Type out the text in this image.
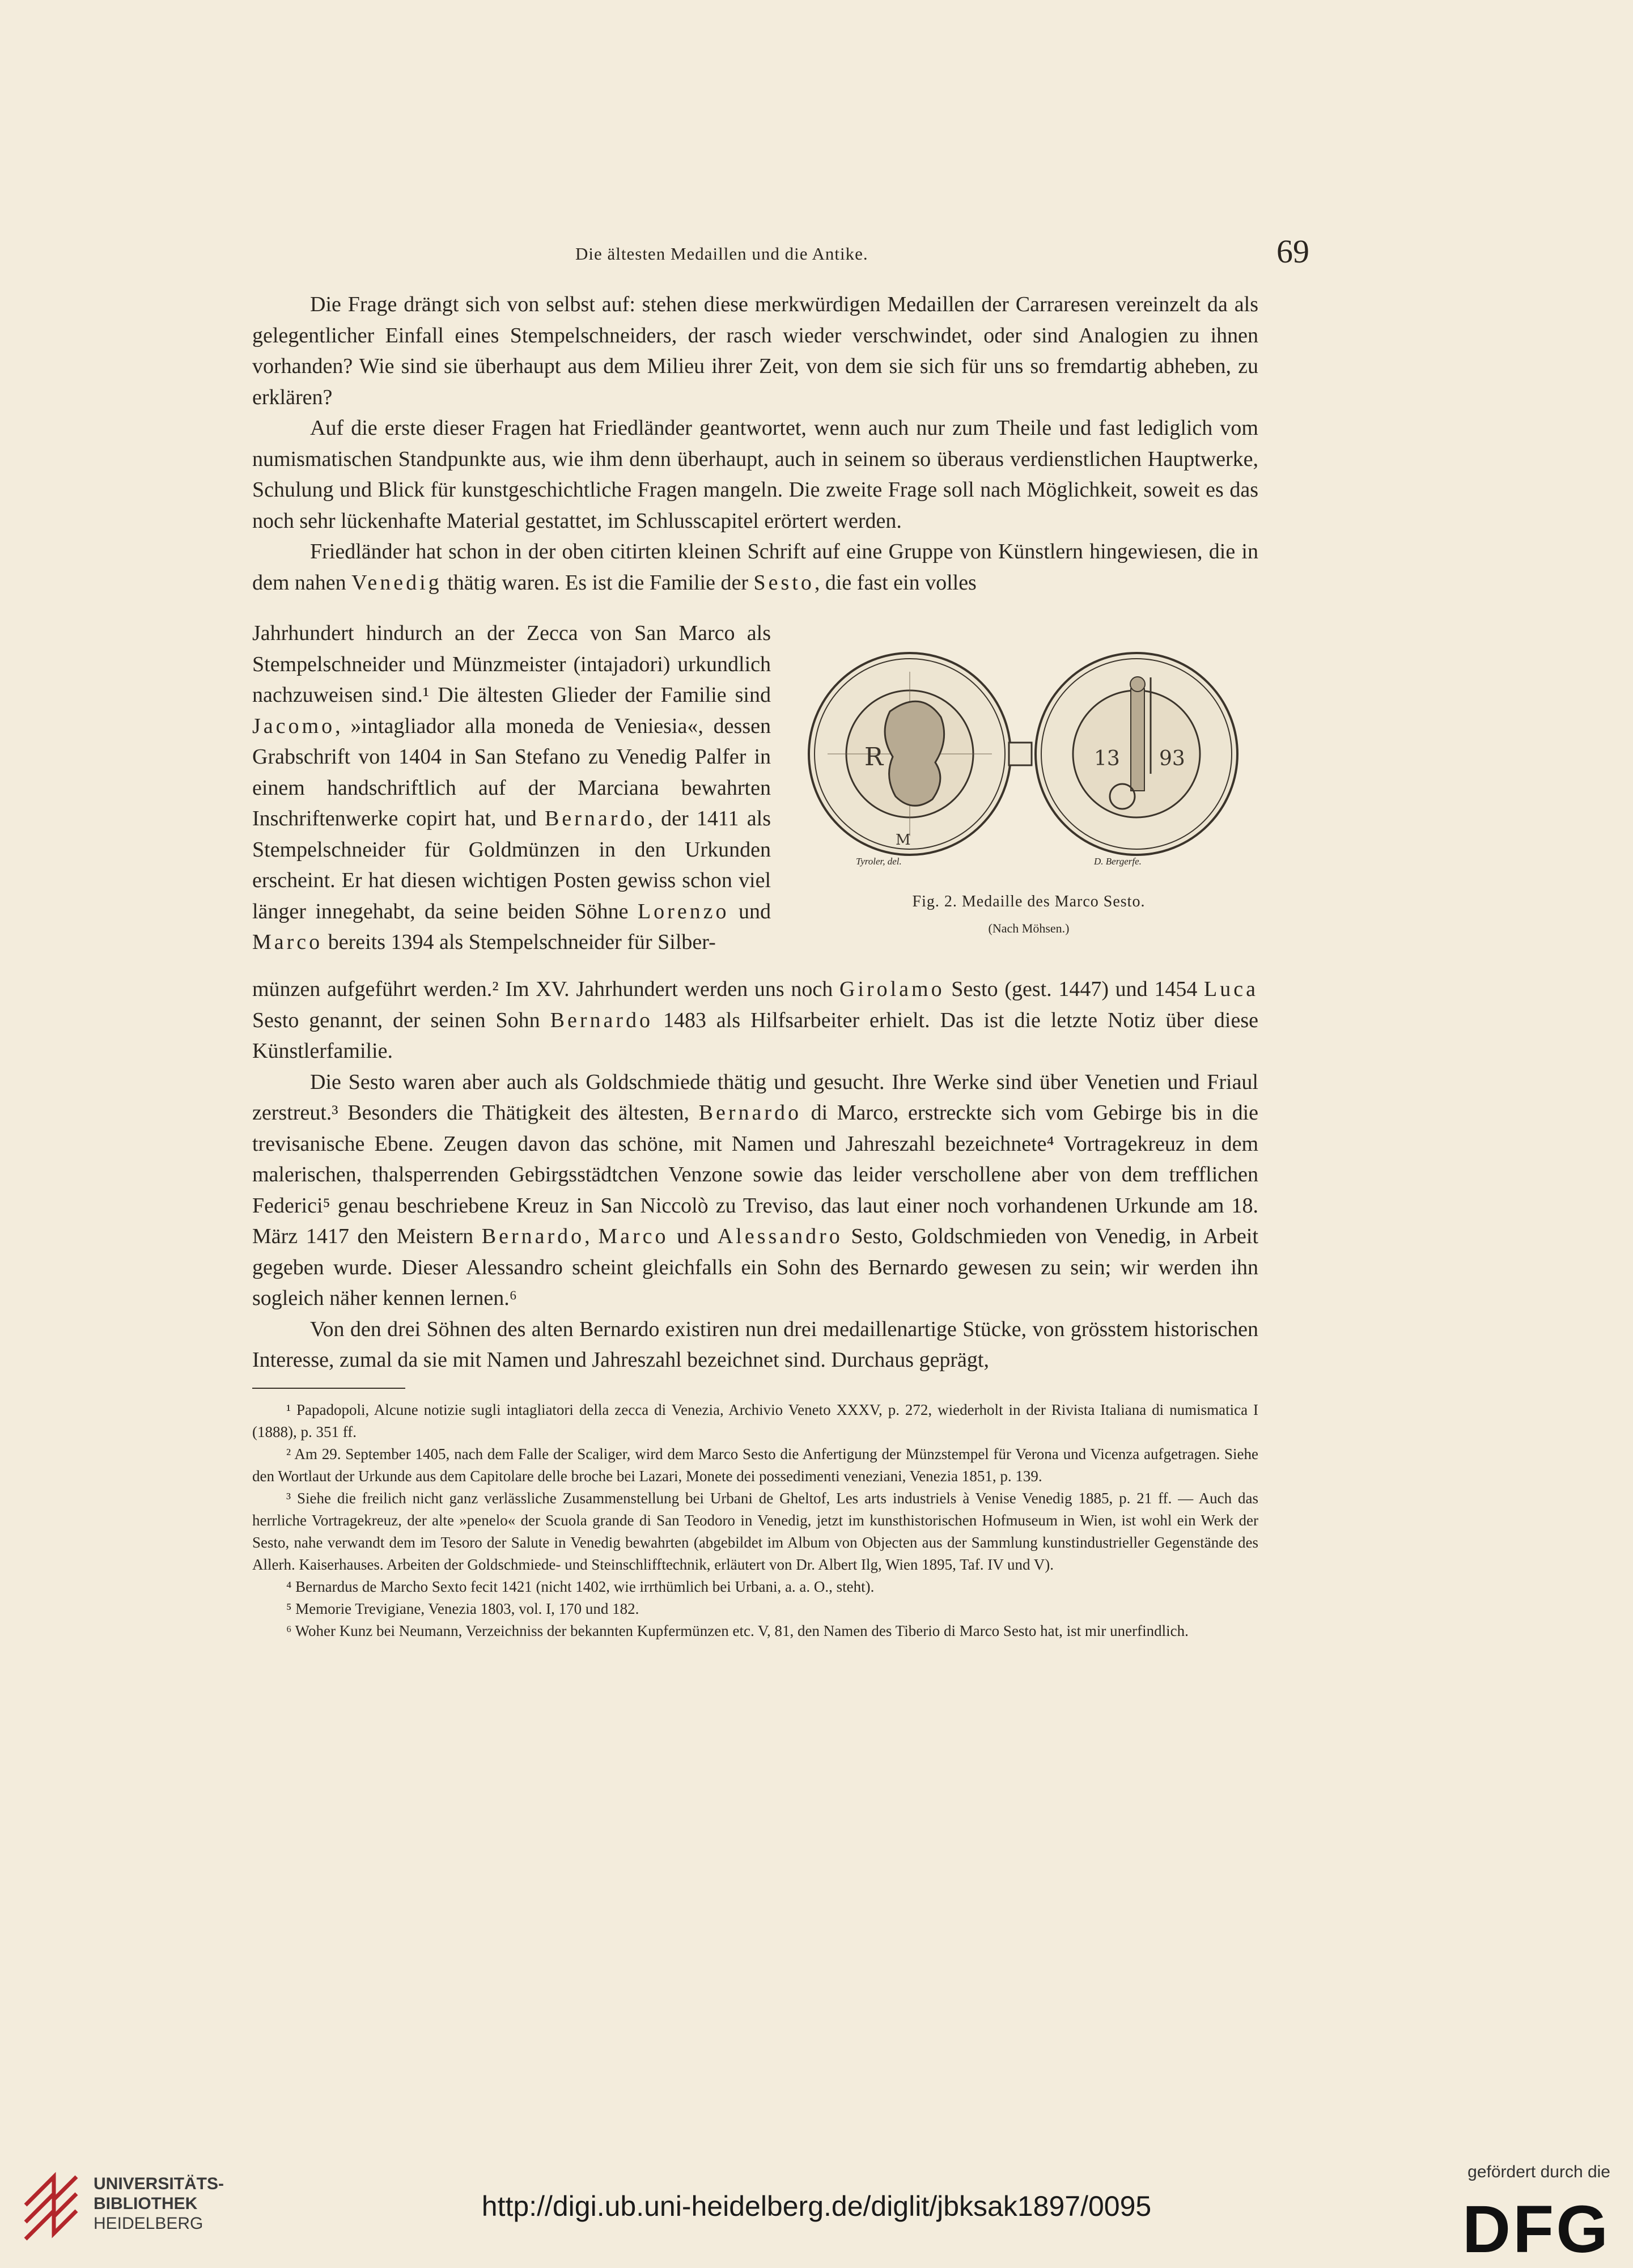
Die ältesten Medaillen und die Antike.	69

Die Frage drängt sich von selbst auf: stehen diese merkwürdigen Medaillen der Carraresen vereinzelt da als gelegentlicher Einfall eines Stempelschneiders, der rasch wieder verschwindet, oder sind Analogien zu ihnen vorhanden? Wie sind sie überhaupt aus dem Milieu ihrer Zeit, von dem sie sich für uns so fremdartig abheben, zu erklären?

Auf die erste dieser Fragen hat Friedländer geantwortet, wenn auch nur zum Theile und fast lediglich vom numismatischen Standpunkte aus, wie ihm denn überhaupt, auch in seinem so überaus verdienstlichen Hauptwerke, Schulung und Blick für kunstgeschichtliche Fragen mangeln. Die zweite Frage soll nach Möglichkeit, soweit es das noch sehr lückenhafte Material gestattet, im Schlusscapitel erörtert werden.

Friedländer hat schon in der oben citirten kleinen Schrift auf eine Gruppe von Künstlern hingewiesen, die in dem nahen Venedig thätig waren. Es ist die Familie der Sesto, die fast ein volles

Jahrhundert hindurch an der Zecca von San Marco als Stempelschneider und Münzmeister (intajadori) urkundlich nachzuweisen sind.¹ Die ältesten Glieder der Familie sind Jacomo, »intagliador alla moneda de Veniesia«, dessen Grabschrift von 1404 in San Stefano zu Venedig Palfer in einem handschriftlich auf der Marciana bewahrten Inschriftenwerke copirt hat, und Bernardo, der 1411 als Stempelschneider für Goldmünzen in den Urkunden erscheint. Er hat diesen wichtigen Posten gewiss schon viel länger innegehabt, da seine beiden Söhne Lorenzo und Marco bereits 1394 als Stempelschneider für Silber-
R
M
13 93
Tyroler, del.	D. Bergerfe.
Fig. 2. Medaille des Marco Sesto.
(Nach Möhsen.)

münzen aufgeführt werden.² Im XV. Jahrhundert werden uns noch Girolamo Sesto (gest. 1447) und 1454 Luca Sesto genannt, der seinen Sohn Bernardo 1483 als Hilfsarbeiter erhielt. Das ist die letzte Notiz über diese Künstlerfamilie.

Die Sesto waren aber auch als Goldschmiede thätig und gesucht. Ihre Werke sind über Venetien und Friaul zerstreut.³ Besonders die Thätigkeit des ältesten, Bernardo di Marco, erstreckte sich vom Gebirge bis in die trevisanische Ebene. Zeugen davon das schöne, mit Namen und Jahreszahl bezeichnete⁴ Vortragekreuz in dem malerischen, thalsperrenden Gebirgsstädtchen Venzone sowie das leider verschollene aber von dem trefflichen Federici⁵ genau beschriebene Kreuz in San Niccolò zu Treviso, das laut einer noch vorhandenen Urkunde am 18. März 1417 den Meistern Bernardo, Marco und Alessandro Sesto, Goldschmieden von Venedig, in Arbeit gegeben wurde. Dieser Alessandro scheint gleichfalls ein Sohn des Bernardo gewesen zu sein; wir werden ihn sogleich näher kennen lernen.⁶

Von den drei Söhnen des alten Bernardo existiren nun drei medaillenartige Stücke, von grösstem historischen Interesse, zumal da sie mit Namen und Jahreszahl bezeichnet sind. Durchaus geprägt,

¹ Papadopoli, Alcune notizie sugli intagliatori della zecca di Venezia, Archivio Veneto XXXV, p. 272, wiederholt in der Rivista Italiana di numismatica I (1888), p. 351 ff.

² Am 29. September 1405, nach dem Falle der Scaliger, wird dem Marco Sesto die Anfertigung der Münzstempel für Verona und Vicenza aufgetragen. Siehe den Wortlaut der Urkunde aus dem Capitolare delle broche bei Lazari, Monete dei possedimenti veneziani, Venezia 1851, p. 139.

³ Siehe die freilich nicht ganz verlässliche Zusammenstellung bei Urbani de Gheltof, Les arts industriels à Venise Venedig 1885, p. 21 ff. — Auch das herrliche Vortragekreuz, der alte »penelo« der Scuola grande di San Teodoro in Venedig, jetzt im kunsthistorischen Hofmuseum in Wien, ist wohl ein Werk der Sesto, nahe verwandt dem im Tesoro der Salute in Venedig bewahrten (abgebildet im Album von Objecten aus der Sammlung kunstindustrieller Gegenstände des Allerh. Kaiserhauses. Arbeiten der Goldschmiede- und Steinschlifftechnik, erläutert von Dr. Albert Ilg, Wien 1895, Taf. IV und V).

⁴ Bernardus de Marcho Sexto fecit 1421 (nicht 1402, wie irrthümlich bei Urbani, a. a. O., steht).

⁵ Memorie Trevigiane, Venezia 1803, vol. I, 170 und 182.

⁶ Woher Kunz bei Neumann, Verzeichniss der bekannten Kupfermünzen etc. V, 81, den Namen des Tiberio di Marco Sesto hat, ist mir unerfindlich.

UNIVERSITÄTS-
BIBLIOTHEK
HEIDELBERG
http://digi.ub.uni-heidelberg.de/diglit/jbksak1897/0095
gefördert durch die
DFG
